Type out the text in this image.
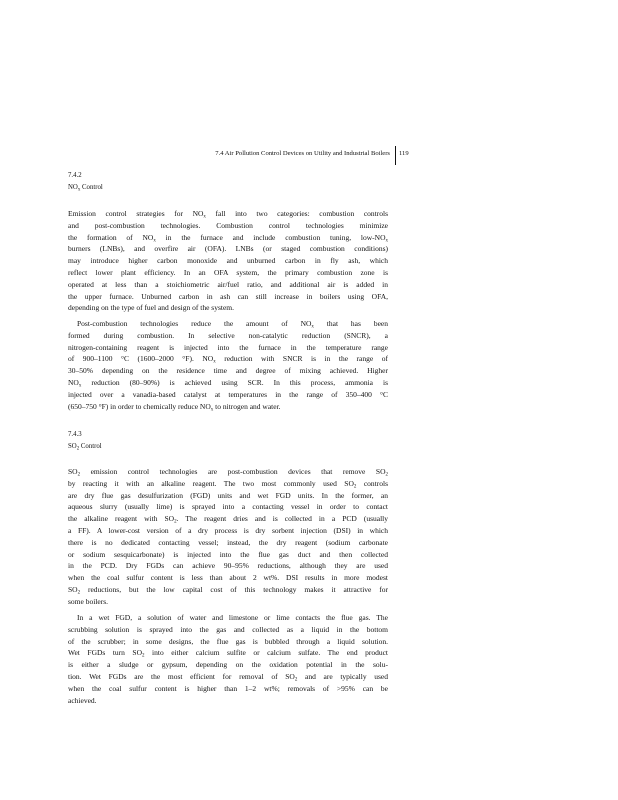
7.4 Air Pollution Control Devices on Utility and Industrial Boilers 119
7.4.2
$NO_x$ Control
Emission control strategies for $NO_x$ fall into two categories: combustion controls
and post-combustion technologies. Combustion control technologies minimize
the formation of $NO_x$ in the furnace and include combustion tuning, low-$NO_x$
burners (LNBs), and overfire air (OFA). LNBs (or staged combustion conditions)
may introduce higher carbon monoxide and unburned carbon in fly ash, which
reflect lower plant efficiency. In an OFA system, the primary combustion zone is
operated at less than a stoichiometric air/fuel ratio, and additional air is added in
the upper furnace. Unburned carbon in ash can still increase in boilers using OFA,
depending on the type of fuel and design of the system.
Post-combustion technologies reduce the amount of $NO_x$ that has been
formed during combustion. In selective non-catalytic reduction (SNCR), a
nitrogen-containing reagent is injected into the furnace in the temperature range
of 900–1100 °C (1600–2000 °F). $NO_x$ reduction with SNCR is in the range of
30–50% depending on the residence time and degree of mixing achieved. Higher
$NO_x$ reduction (80–90%) is achieved using SCR. In this process, ammonia is
injected over a vanadia-based catalyst at temperatures in the range of 350–400 °C
(650–750 °F) in order to chemically reduce $NO_x$ to nitrogen and water.
7.4.3
$SO_2$ Control
$SO_2$ emission control technologies are post-combustion devices that remove $SO_2$
by reacting it with an alkaline reagent. The two most commonly used $SO_2$ controls
are dry flue gas desulfurization (FGD) units and wet FGD units. In the former, an
aqueous slurry (usually lime) is sprayed into a contacting vessel in order to contact
the alkaline reagent with $SO_2$. The reagent dries and is collected in a PCD (usually
a FF). A lower-cost version of a dry process is dry sorbent injection (DSI) in which
there is no dedicated contacting vessel; instead, the dry reagent (sodium carbonate
or sodium sesquicarbonate) is injected into the flue gas duct and then collected
in the PCD. Dry FGDs can achieve 90–95% reductions, although they are used
when the coal sulfur content is less than about 2 wt%. DSI results in more modest
$SO_2$ reductions, but the low capital cost of this technology makes it attractive for
some boilers.
In a wet FGD, a solution of water and limestone or lime contacts the flue gas. The
scrubbing solution is sprayed into the gas and collected as a liquid in the bottom
of the scrubber; in some designs, the flue gas is bubbled through a liquid solution.
Wet FGDs turn $SO_2$ into either calcium sulfite or calcium sulfate. The end product
is either a sludge or gypsum, depending on the oxidation potential in the solu-
tion. Wet FGDs are the most efficient for removal of $SO_2$ and are typically used
when the coal sulfur content is higher than 1–2 wt%; removals of >95% can be
achieved.
